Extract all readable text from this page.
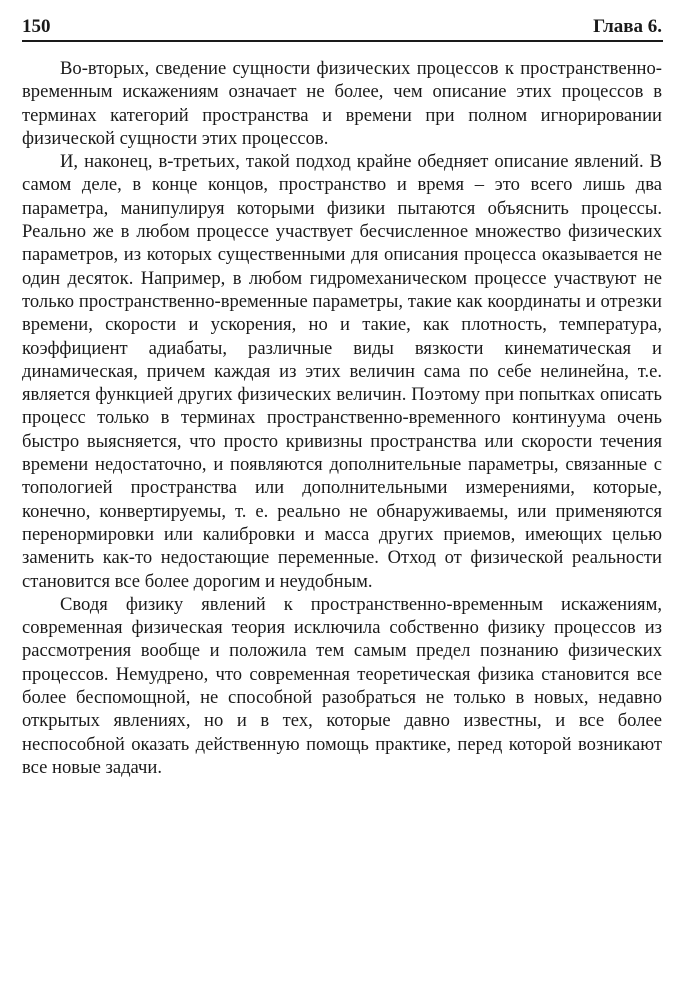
150	Глава 6.

Во-вторых, сведение сущности физических процессов к пространственно-временным искажениям означает не более, чем описание этих процессов в терминах категорий пространства и времени при полном игнорировании физической сущности этих процессов.

И, наконец, в-третьих, такой подход крайне обедняет описание явлений. В самом деле, в конце концов, пространство и время – это всего лишь два параметра, манипулируя которыми физики пытаются объяснить процессы. Реально же в любом процессе участвует бесчисленное множество физических параметров, из которых существенными для описания процесса оказывается не один десяток. Например, в любом гидромеханическом процессе участвуют не только пространственно-временные параметры, такие как координаты и отрезки времени, скорости и ускорения, но и такие, как плотность, температура, коэффициент адиабаты, различные виды вязкости кинематическая и динамическая, причем каждая из этих величин сама по себе нелинейна, т.е. является функцией других физических величин. Поэтому при попытках описать процесс только в терминах пространственно-временного континуума очень быстро выясняется, что просто кривизны пространства или скорости течения времени недостаточно, и появляются дополнительные параметры, связанные с топологией пространства или дополнительными измерениями, которые, конечно, конвертируемы, т. е. реально не обнаруживаемы, или применяются перенормировки или калибровки и масса других приемов, имеющих целью заменить как-то недостающие переменные. Отход от физической реальности становится все более дорогим и неудобным.

Сводя физику явлений к пространственно-временным искажениям, современная физическая теория исключила собственно физику процессов из рассмотрения вообще и положила тем самым предел познанию физических процессов. Немудрено, что современная теоретическая физика становится все более беспомощной, не способной разобраться не только в новых, недавно открытых явлениях, но и в тех, которые давно известны, и все более неспособной оказать действенную помощь практике, перед которой возникают все новые задачи.
